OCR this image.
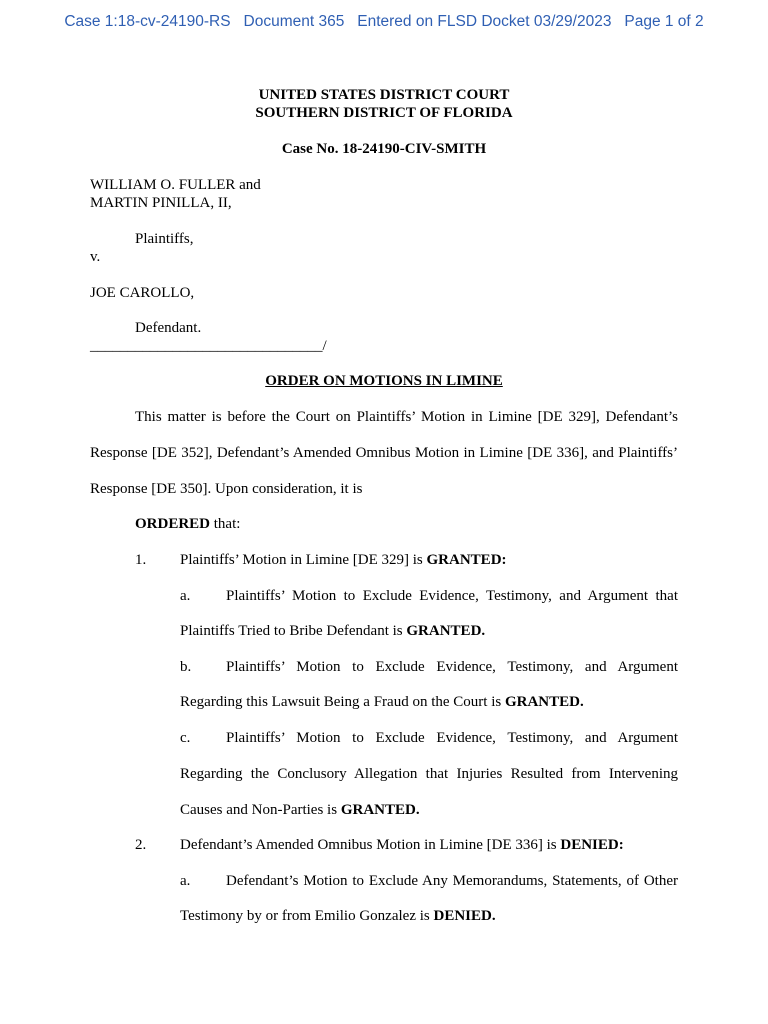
Case 1:18-cv-24190-RS Document 365 Entered on FLSD Docket 03/29/2023 Page 1 of 2
UNITED STATES DISTRICT COURT
SOUTHERN DISTRICT OF FLORIDA
Case No. 18-24190-CIV-SMITH
WILLIAM O. FULLER and
MARTIN PINILLA, II,
Plaintiffs,
v.
JOE CAROLLO,
Defendant.
_______________________________/
ORDER ON MOTIONS IN LIMINE
This matter is before the Court on Plaintiffs’ Motion in Limine [DE 329], Defendant’s
Response [DE 352], Defendant’s Amended Omnibus Motion in Limine [DE 336], and Plaintiffs’
Response [DE 350]. Upon consideration, it is
ORDERED that:
1. Plaintiffs’ Motion in Limine [DE 329] is GRANTED:
a. Plaintiffs’ Motion to Exclude Evidence, Testimony, and Argument that
Plaintiffs Tried to Bribe Defendant is GRANTED.
b. Plaintiffs’ Motion to Exclude Evidence, Testimony, and Argument
Regarding this Lawsuit Being a Fraud on the Court is GRANTED.
c. Plaintiffs’ Motion to Exclude Evidence, Testimony, and Argument
Regarding the Conclusory Allegation that Injuries Resulted from Intervening
Causes and Non-Parties is GRANTED.
2. Defendant’s Amended Omnibus Motion in Limine [DE 336] is DENIED:
a. Defendant’s Motion to Exclude Any Memorandums, Statements, of Other
Testimony by or from Emilio Gonzalez is DENIED.
